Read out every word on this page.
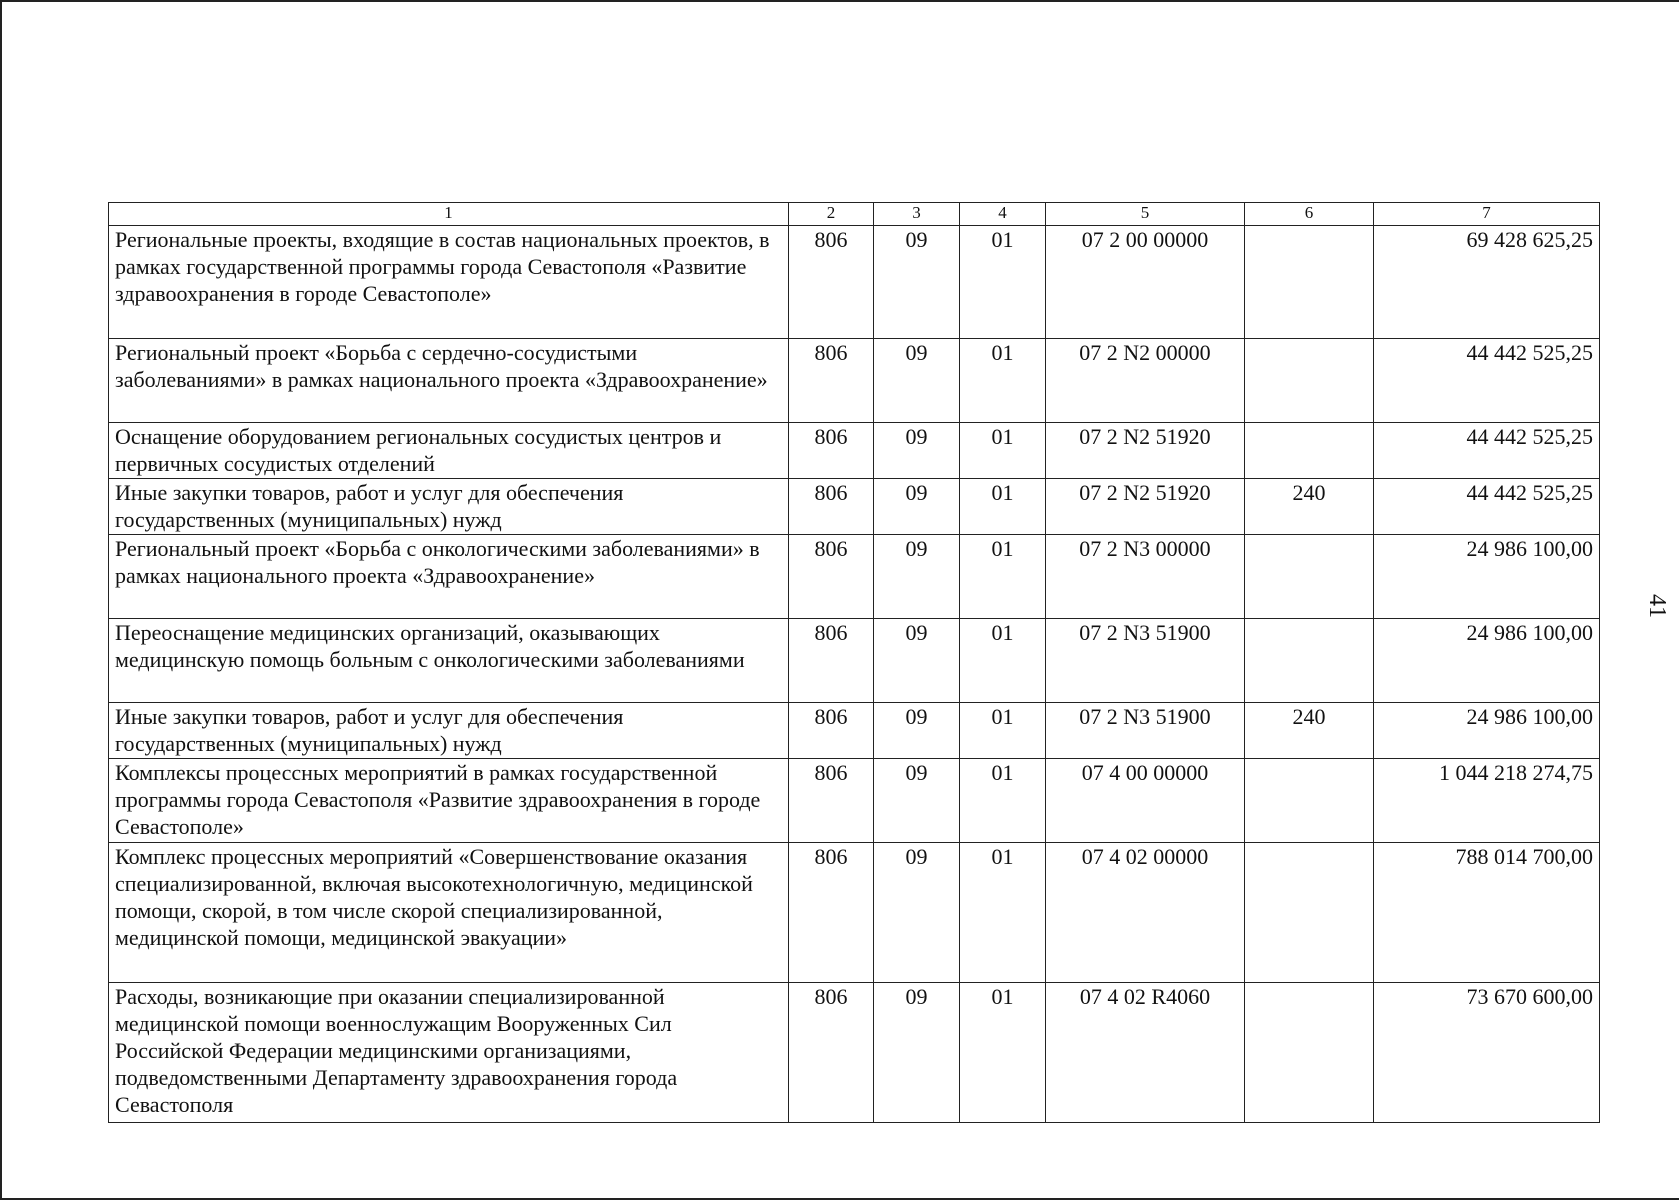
41
1	2	3	4	5	6	7
Региональные проекты, входящие в состав национальных проектов, в рамках государственной программы города Севастополя «Развитие здравоохранения в городе Севастополе»	806	09	01	07 2 00 00000		69 428 625,25
Региональный проект «Борьба с сердечно-сосудистыми заболеваниями» в рамках национального проекта «Здравоохранение»	806	09	01	07 2 N2 00000		44 442 525,25
Оснащение оборудованием региональных сосудистых центров и первичных сосудистых отделений	806	09	01	07 2 N2 51920		44 442 525,25
Иные закупки товаров, работ и услуг для обеспечения государственных (муниципальных) нужд	806	09	01	07 2 N2 51920	240	44 442 525,25
Региональный проект «Борьба с онкологическими заболеваниями» в рамках национального проекта «Здравоохранение»	806	09	01	07 2 N3 00000		24 986 100,00
Переоснащение медицинских организаций, оказывающих медицинскую помощь больным с онкологическими заболеваниями	806	09	01	07 2 N3 51900		24 986 100,00
Иные закупки товаров, работ и услуг для обеспечения государственных (муниципальных) нужд	806	09	01	07 2 N3 51900	240	24 986 100,00
Комплексы процессных мероприятий в рамках государственной программы города Севастополя «Развитие здравоохранения в городе Севастополе»	806	09	01	07 4 00 00000		1 044 218 274,75
Комплекс процессных мероприятий «Совершенствование оказания специализированной, включая высокотехнологичную, медицинской помощи, скорой, в том числе скорой специализированной, медицинской помощи, медицинской эвакуации»	806	09	01	07 4 02 00000		788 014 700,00
Расходы, возникающие при оказании специализированной медицинской помощи военнослужащим Вооруженных Сил Российской Федерации медицинскими организациями, подведомственными Департаменту здравоохранения города Севастополя	806	09	01	07 4 02 R4060		73 670 600,00
